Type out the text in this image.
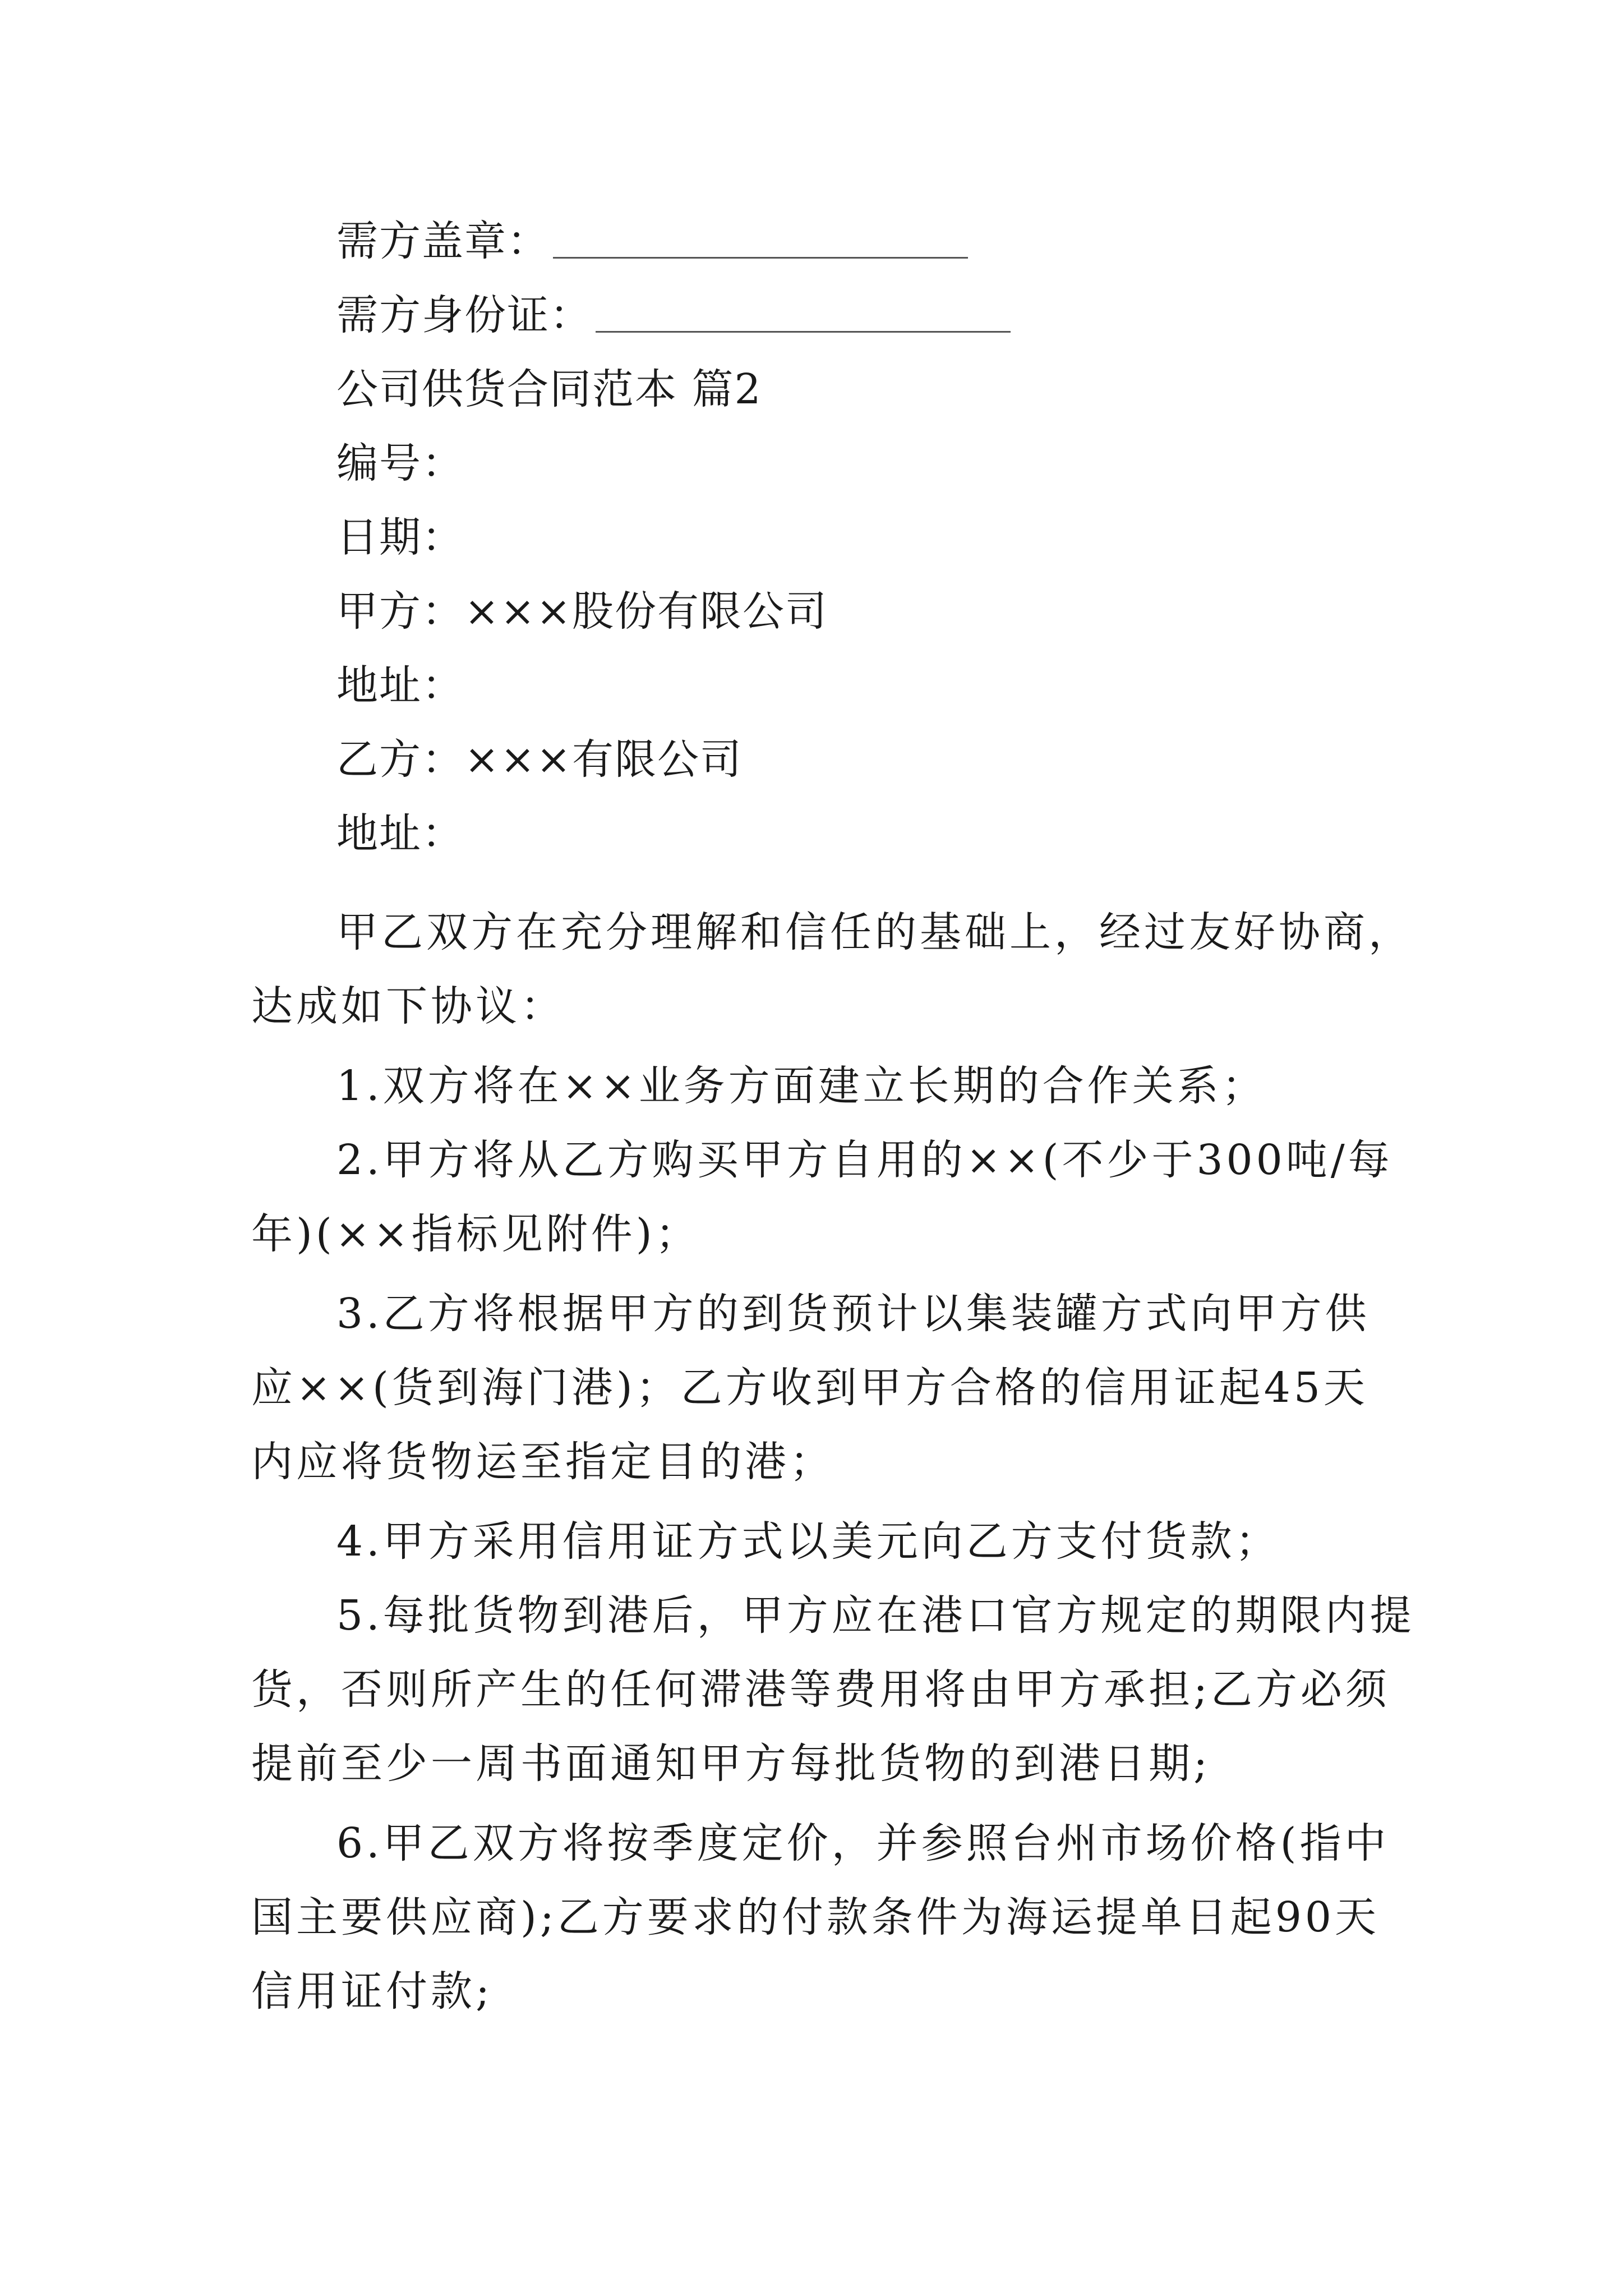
需方盖章：
需方身份证：
公司供货合同范本 篇2
编号：
日期：
甲方：×××股份有限公司
地址：
乙方：×××有限公司
地址：
甲乙双方在充分理解和信任的基础上，经过友好协商，
达成如下协议：
1.双方将在××业务方面建立长期的合作关系；
2.甲方将从乙方购买甲方自用的××(不少于300吨/每
年)(××指标见附件)；
3.乙方将根据甲方的到货预计以集装罐方式向甲方供
应××(货到海门港)；乙方收到甲方合格的信用证起45天
内应将货物运至指定目的港；
4.甲方采用信用证方式以美元向乙方支付货款；
5.每批货物到港后，甲方应在港口官方规定的期限内提
货，否则所产生的任何滞港等费用将由甲方承担;乙方必须
提前至少一周书面通知甲方每批货物的到港日期;
6.甲乙双方将按季度定价，并参照台州市场价格(指中
国主要供应商);乙方要求的付款条件为海运提单日起90天
信用证付款;
